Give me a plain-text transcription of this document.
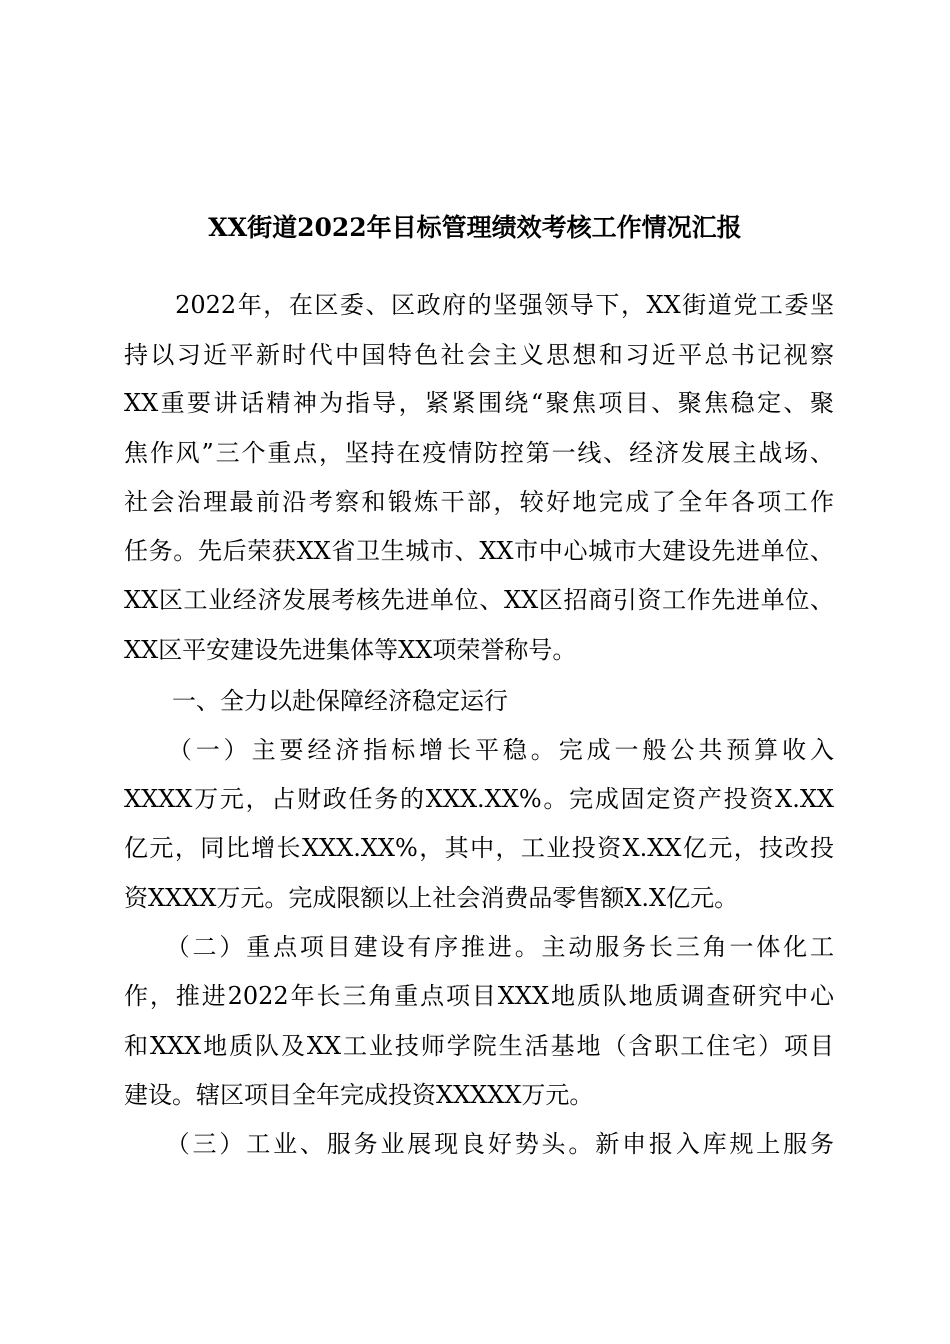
XX街道2022年目标管理绩效考核工作情况汇报
　　2022年，在区委、区政府的坚强领导下，XX街道党工委坚
持以习近平新时代中国特色社会主义思想和习近平总书记视察
XX重要讲话精神为指导，紧紧围绕“聚焦项目、聚焦稳定、聚
焦作风”三个重点，坚持在疫情防控第一线、经济发展主战场、
社会治理最前沿考察和锻炼干部，较好地完成了全年各项工作
任务。先后荣获XX省卫生城市、XX市中心城市大建设先进单位、
XX区工业经济发展考核先进单位、XX区招商引资工作先进单位、
XX区平安建设先进集体等XX项荣誉称号。
一、全力以赴保障经济稳定运行
　　（一）主要经济指标增长平稳。完成一般公共预算收入
XXXX万元，占财政任务的XXX.XX%。完成固定资产投资X.XX
亿元，同比增长XXX.XX%，其中，工业投资X.XX亿元，技改投
资XXXX万元。完成限额以上社会消费品零售额X.X亿元。
　　（二）重点项目建设有序推进。主动服务长三角一体化工
作，推进2022年长三角重点项目XXX地质队地质调查研究中心
和XXX地质队及XX工业技师学院生活基地（含职工住宅）项目
建设。辖区项目全年完成投资XXXXX万元。
　　（三）工业、服务业展现良好势头。新申报入库规上服务
